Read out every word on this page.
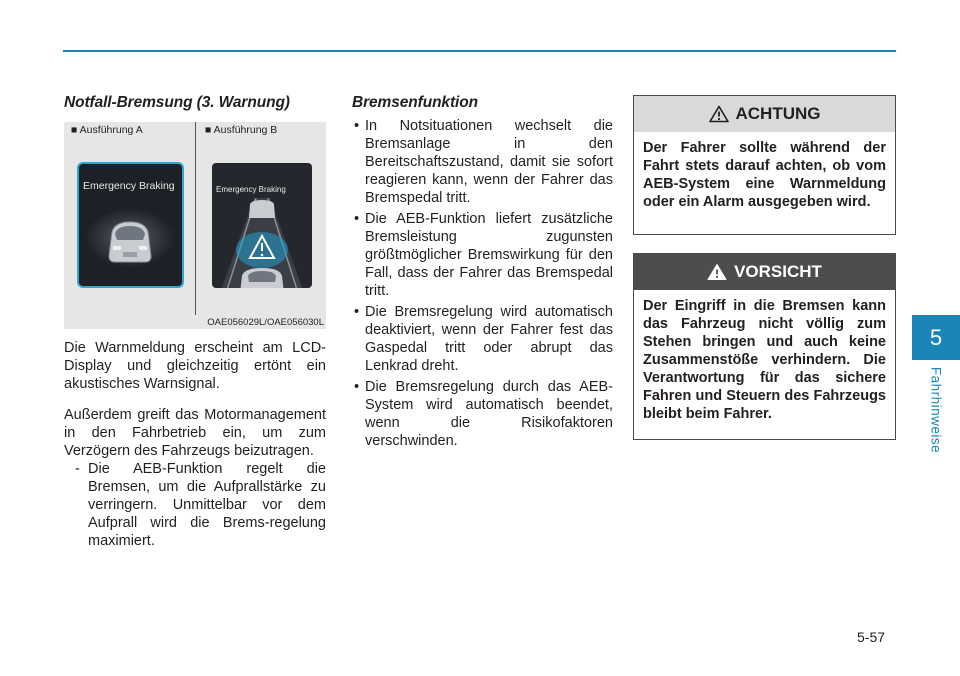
Notfall-Bremsung (3. Warnung)
■ Ausführung A	■ Ausführung B
Emergency Braking	Emergency Braking
OAE056029L/OAE056030L

Die Warnmeldung erscheint am LCD-Display und gleichzeitig ertönt ein akustisches Warnsignal.

Außerdem greift das Motormanagement in den Fahrbetrieb ein, um zum Verzögern des Fahrzeugs beizutragen.

- Die AEB-Funktion regelt die Bremsen, um die Aufprallstärke zu verringern. Unmittelbar vor dem Aufprall wird die Brems-regelung maximiert.
Bremsenfunktion
• In Notsituationen wechselt die Bremsanlage in den Bereitschaftszustand, damit sie sofort reagieren kann, wenn der Fahrer das Bremspedal tritt.
• Die AEB-Funktion liefert zusätzliche Bremsleistung zugunsten größtmöglicher Bremswirkung für den Fall, dass der Fahrer das Bremspedal tritt.
• Die Bremsregelung wird automatisch deaktiviert, wenn der Fahrer fest das Gaspedal tritt oder abrupt das Lenkrad dreht.
• Die Bremsregelung durch das AEB-System wird automatisch beendet, wenn die Risikofaktoren verschwinden.
ACHTUNG
Der Fahrer sollte während der Fahrt stets darauf achten, ob vom AEB-System eine Warnmeldung oder ein Alarm ausgegeben wird.
VORSICHT
Der Eingriff in die Bremsen kann das Fahrzeug nicht völlig zum Stehen bringen und auch keine Zusammenstöße verhindern. Die Verantwortung für das sichere Fahren und Steuern des Fahrzeugs bleibt beim Fahrer.
5
Fahrhinweise
5-57
